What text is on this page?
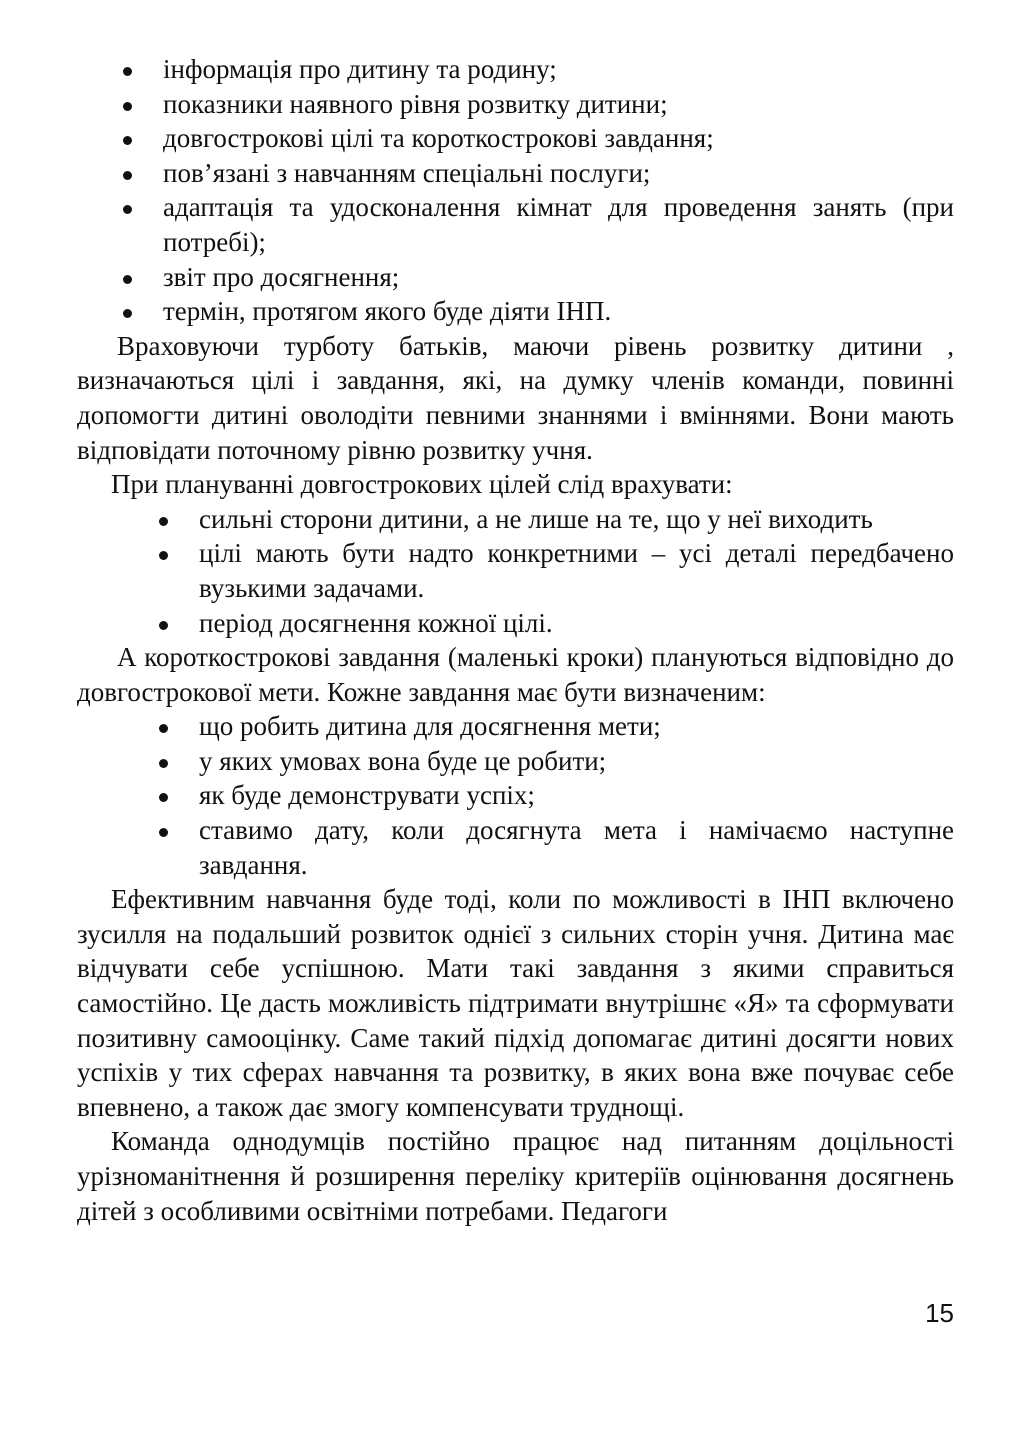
інформація про дитину та родину;
показники наявного рівня розвитку дитини;
довгострокові цілі та короткострокові завдання;
пов’язані з навчанням спеціальні послуги;
адаптація та удосконалення кімнат для проведення занять (при потребі);
звіт про досягнення;
термін, протягом якого буде діяти ІНП.

Враховуючи турботу батьків, маючи рівень розвитку дитини , визначаються цілі і завдання, які, на думку членів команди, повинні допомогти дитині оволодіти певними знаннями і вміннями. Вони мають відповідати поточному рівню розвитку учня.

При плануванні довгострокових цілей слід врахувати:

сильні сторони дитини, а не лише на те, що у неї виходить
цілі мають бути надто конкретними – усі деталі передбачено вузькими задачами.
період досягнення кожної цілі.

А короткострокові завдання (маленькі кроки) плануються відповідно до довгострокової мети. Кожне завдання має бути визначеним:

що робить дитина для досягнення мети;
у яких умовах вона буде це робити;
як буде демонструвати успіх;
ставимо дату, коли досягнута мета і намічаємо наступне завдання.

Ефективним навчання буде тоді, коли по можливості в ІНП включено зусилля на подальший розвиток однієї з сильних сторін учня. Дитина має відчувати себе успішною. Мати такі завдання з якими справиться самостійно. Це дасть можливість підтримати внутрішнє «Я» та сформувати позитивну самооцінку. Саме такий підхід допомагає дитині досягти нових успіхів у тих сферах навчання та розвитку, в яких вона вже почуває себе впевнено, а також дає змогу компенсувати труднощі.

Команда однодумців постійно працює над питанням доцільності урізноманітнення й розширення переліку критеріїв оцінювання досягнень дітей з особливими освітніми потребами. Педагоги

15
